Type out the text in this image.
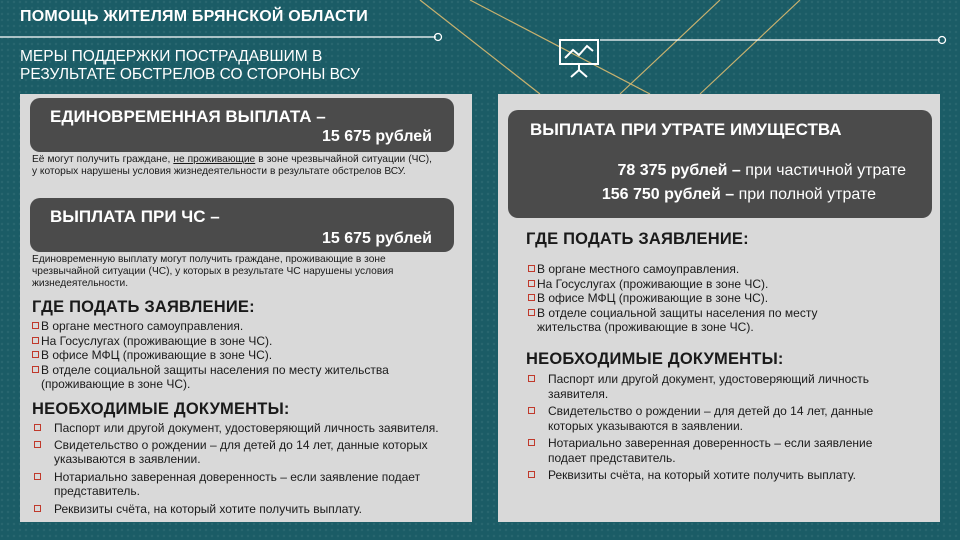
ПОМОЩЬ ЖИТЕЛЯМ БРЯНСКОЙ ОБЛАСТИ
МЕРЫ ПОДДЕРЖКИ ПОСТРАДАВШИМ В РЕЗУЛЬТАТЕ ОБСТРЕЛОВ СО СТОРОНЫ ВСУ
ЕДИНОВРЕМЕННАЯ ВЫПЛАТА –
15 675 рублей
Её могут получить граждане, не проживающие в зоне чрезвычайной ситуации (ЧС), у которых нарушены условия жизнедеятельности в результате обстрелов ВСУ.
ВЫПЛАТА ПРИ ЧС –
15 675 рублей
Единовременную выплату могут получить граждане, проживающие в зоне чрезвычайной ситуации (ЧС), у которых в результате ЧС нарушены условия жизнедеятельности.
ГДЕ ПОДАТЬ ЗАЯВЛЕНИЕ:
В органе местного самоуправления.
На Госуслугах (проживающие в зоне ЧС).
В офисе МФЦ (проживающие в зоне ЧС).
В отделе социальной защиты населения по месту жительства (проживающие в зоне ЧС).
НЕОБХОДИМЫЕ ДОКУМЕНТЫ:
Паспорт или другой документ, удостоверяющий личность заявителя.
Свидетельство о рождении – для детей до 14 лет, данные которых указываются в заявлении.
Нотариально заверенная доверенность – если заявление подает представитель.
Реквизиты счёта, на который хотите получить выплату.
ВЫПЛАТА ПРИ УТРАТЕ ИМУЩЕСТВА
78 375 рублей – при частичной утрате
156 750 рублей – при полной утрате
ГДЕ ПОДАТЬ ЗАЯВЛЕНИЕ:
В органе местного самоуправления.
На Госуслугах (проживающие в зоне ЧС).
В офисе МФЦ (проживающие в зоне ЧС).
В отделе социальной защиты населения по месту жительства (проживающие в зоне ЧС).
НЕОБХОДИМЫЕ ДОКУМЕНТЫ:
Паспорт или другой документ, удостоверяющий личность заявителя.
Свидетельство о рождении – для детей до 14 лет, данные которых указываются в заявлении.
Нотариально заверенная доверенность – если заявление подает представитель.
Реквизиты счёта, на который хотите получить выплату.
